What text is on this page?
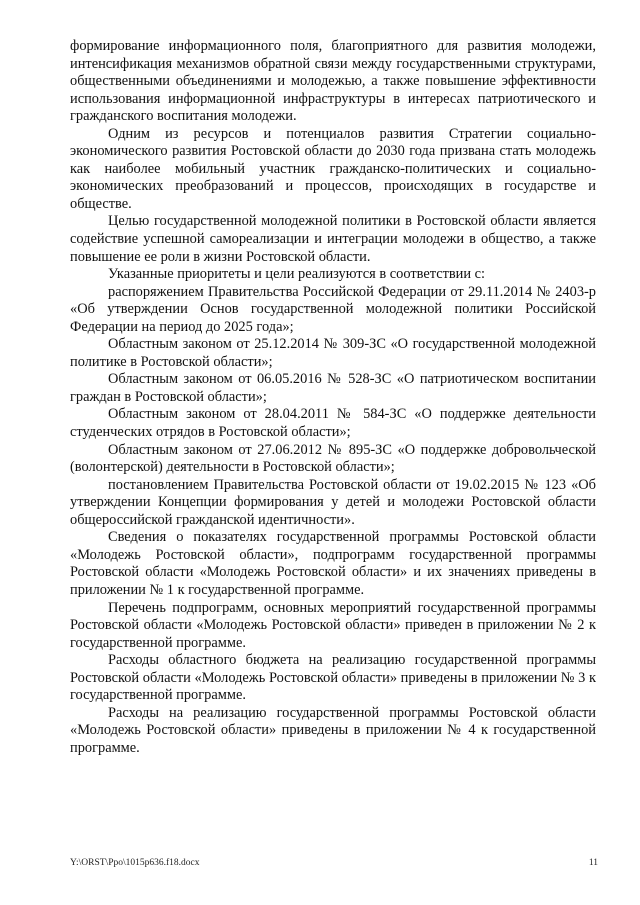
формирование информационного поля, благоприятного для развития молодежи, интенсификация механизмов обратной связи между государственными структурами, общественными объединениями и молодежью, а также повышение эффективности использования информационной инфраструктуры в интересах патриотического и гражданского воспитания молодежи.

Одним из ресурсов и потенциалов развития Стратегии социально-экономического развития Ростовской области до 2030 года призвана стать молодежь как наиболее мобильный участник гражданско-политических и социально-экономических преобразований и процессов, происходящих в государстве и обществе.

Целью государственной молодежной политики в Ростовской области является содействие успешной самореализации и интеграции молодежи в общество, а также повышение ее роли в жизни Ростовской области.

Указанные приоритеты и цели реализуются в соответствии с:

распоряжением Правительства Российской Федерации от 29.11.2014 № 2403-р «Об утверждении Основ государственной молодежной политики Российской Федерации на период до 2025 года»;

Областным законом от 25.12.2014 № 309-ЗС «О государственной молодежной политике в Ростовской области»;

Областным законом от 06.05.2016 № 528-ЗС «О патриотическом воспитании граждан в Ростовской области»;

Областным законом от 28.04.2011 № 584-ЗС «О поддержке деятельности студенческих отрядов в Ростовской области»;

Областным законом от 27.06.2012 № 895-ЗС «О поддержке добровольческой (волонтерской) деятельности в Ростовской области»;

постановлением Правительства Ростовской области от 19.02.2015 № 123 «Об утверждении Концепции формирования у детей и молодежи Ростовской области общероссийской гражданской идентичности».

Сведения о показателях государственной программы Ростовской области «Молодежь Ростовской области», подпрограмм государственной программы Ростовской области «Молодежь Ростовской области» и их значениях приведены в приложении № 1 к государственной программе.

Перечень подпрограмм, основных мероприятий государственной программы Ростовской области «Молодежь Ростовской области» приведен в приложении № 2 к государственной программе.

Расходы областного бюджета на реализацию государственной программы Ростовской области «Молодежь Ростовской области» приведены в приложении № 3 к государственной программе.

Расходы на реализацию государственной программы Ростовской области «Молодежь Ростовской области» приведены в приложении № 4 к государственной программе.

Y:\ORST\Ppo\1015p636.f18.docx	11
